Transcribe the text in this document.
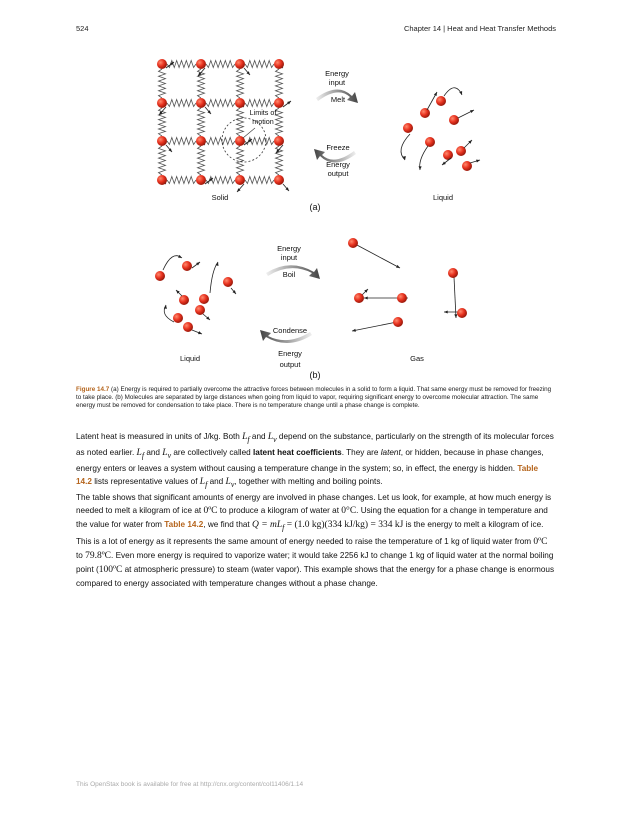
524	Chapter 14 | Heat and Heat Transfer Methods
Limits of
motion
Energy
input
Melt
Freeze
Energy
output
Solid	Liquid
(a)
Energy
input
Boil
Condense
Energy
output
Liquid	Gas
(b)
Figure 14.7 (a) Energy is required to partially overcome the attractive forces between molecules in a solid to form a liquid. That same energy must be removed for freezing to take place. (b) Molecules are separated by large distances when going from liquid to vapor, requiring significant energy to overcome molecular attraction. The same energy must be removed for condensation to take place. There is no temperature change until a phase change is complete.
Latent heat is measured in units of J/kg. Both $L_f$ and $L_v$ depend on the substance, particularly on the strength of its molecular forces as noted earlier. $L_f$ and $L_v$ are collectively called latent heat coefficients. They are latent, or hidden, because in phase changes, energy enters or leaves a system without causing a temperature change in the system; so, in effect, the energy is hidden. Table 14.2 lists representative values of $L_f$ and $L_v$, together with melting and boiling points.
The table shows that significant amounts of energy are involved in phase changes. Let us look, for example, at how much energy is needed to melt a kilogram of ice at 0ºC to produce a kilogram of water at 0°C. Using the equation for a change in temperature and the value for water from Table 14.2, we find that $Q = mL_f = (1.0$ kg)(334 kJ/kg) = 334 kJ is the energy to melt a kilogram of ice. This is a lot of energy as it represents the same amount of energy needed to raise the temperature of 1 kg of liquid water from 0ºC to 79.8ºC. Even more energy is required to vaporize water; it would take 2256 kJ to change 1 kg of liquid water at the normal boiling point (100ºC at atmospheric pressure) to steam (water vapor). This example shows that the energy for a phase change is enormous compared to energy associated with temperature changes without a phase change.
This OpenStax book is available for free at http://cnx.org/content/col11406/1.14
